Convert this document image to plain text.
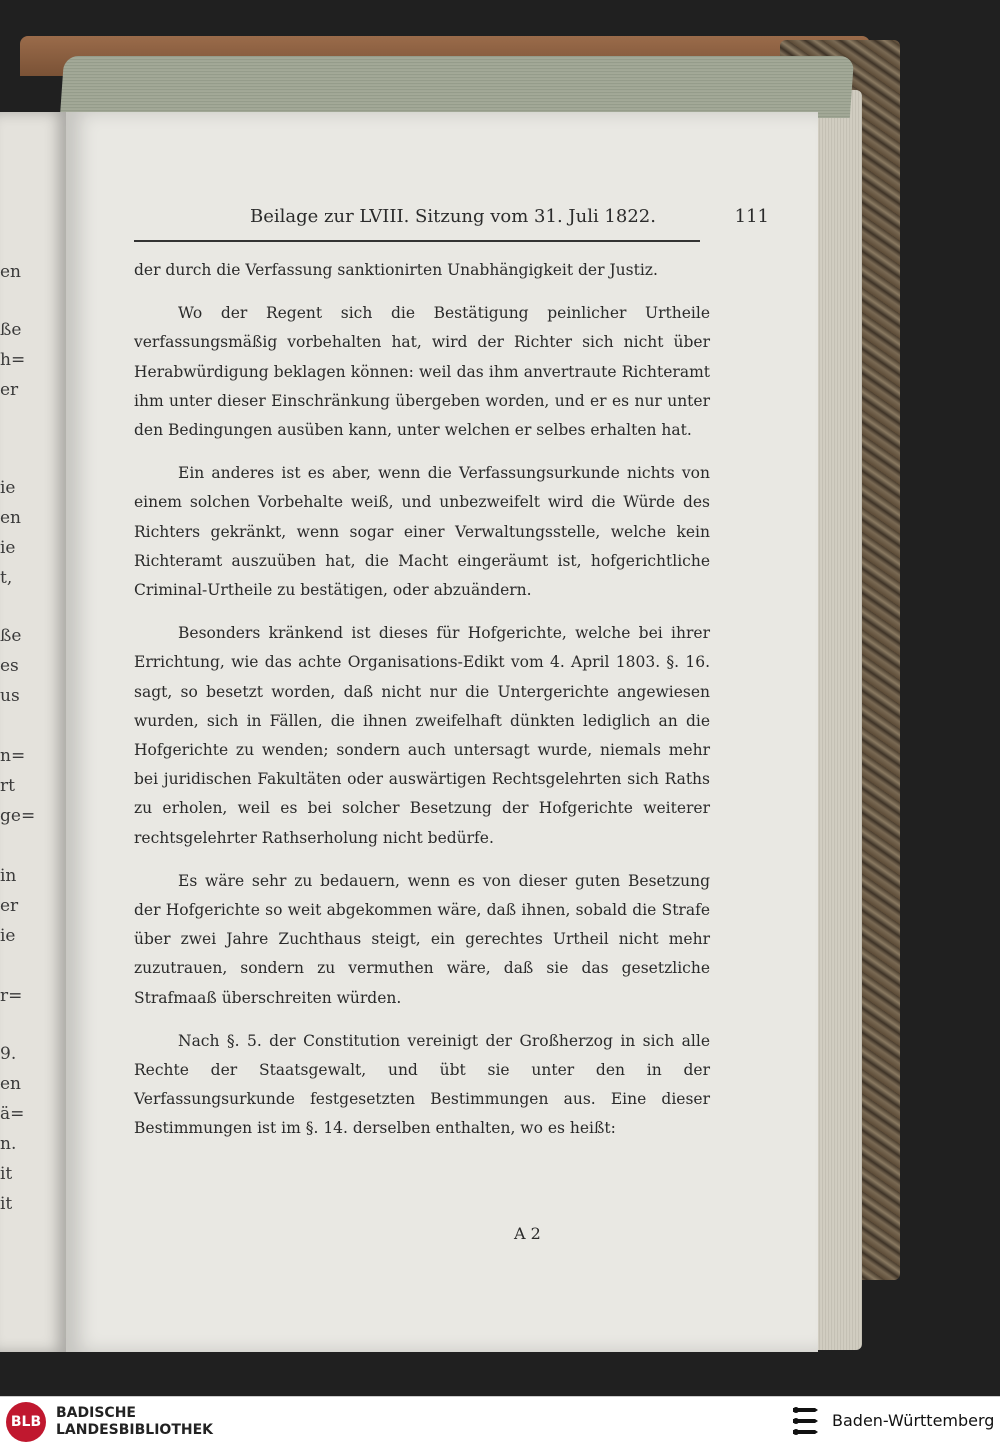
en
ße
h=
er
ie
en
ie
t,
ße
es
us
n=
rt
ge=
in
er
ie
r=
9.
en
ä=
n.
it
it
Beilage zur LVIII. Sitzung vom 31. Juli 1822.	111

der durch die Verfassung sanktionirten Unabhängigkeit der Justiz.

Wo der Regent sich die Bestätigung peinlicher Urtheile verfassungsmäßig vorbehalten hat, wird der Richter sich nicht über Herabwürdigung beklagen können: weil das ihm anvertraute Richteramt ihm unter dieser Einschränkung übergeben worden, und er es nur unter den Bedingungen ausüben kann, unter welchen er selbes erhalten hat.

Ein anderes ist es aber, wenn die Verfassungsurkunde nichts von einem solchen Vorbehalte weiß, und unbezweifelt wird die Würde des Richters gekränkt, wenn sogar einer Verwaltungsstelle, welche kein Richteramt auszuüben hat, die Macht eingeräumt ist, hofgerichtliche Criminal-Urtheile zu bestätigen, oder abzuändern.

Besonders kränkend ist dieses für Hofgerichte, welche bei ihrer Errichtung, wie das achte Organisations-Edikt vom 4. April 1803. §. 16. sagt, so besetzt worden, daß nicht nur die Untergerichte angewiesen wurden, sich in Fällen, die ihnen zweifelhaft dünkten lediglich an die Hofgerichte zu wenden; sondern auch untersagt wurde, niemals mehr bei juridischen Fakultäten oder auswärtigen Rechtsgelehrten sich Raths zu erholen, weil es bei solcher Besetzung der Hofgerichte weiterer rechtsgelehrter Rathserholung nicht bedürfe.

Es wäre sehr zu bedauern, wenn es von dieser guten Besetzung der Hofgerichte so weit abgekommen wäre, daß ihnen, sobald die Strafe über zwei Jahre Zuchthaus steigt, ein gerechtes Urtheil nicht mehr zuzutrauen, sondern zu vermuthen wäre, daß sie das gesetzliche Strafmaaß überschreiten würden.

Nach §. 5. der Constitution vereinigt der Großherzog in sich alle Rechte der Staatsgewalt, und übt sie unter den in der Verfassungsurkunde festgesetzten Bestimmungen aus. Eine dieser Bestimmungen ist im §. 14. derselben enthalten, wo es heißt:

A 2
BLB
BADISCHE
LANDESBIBLIOTHEK	Baden-Württemberg
